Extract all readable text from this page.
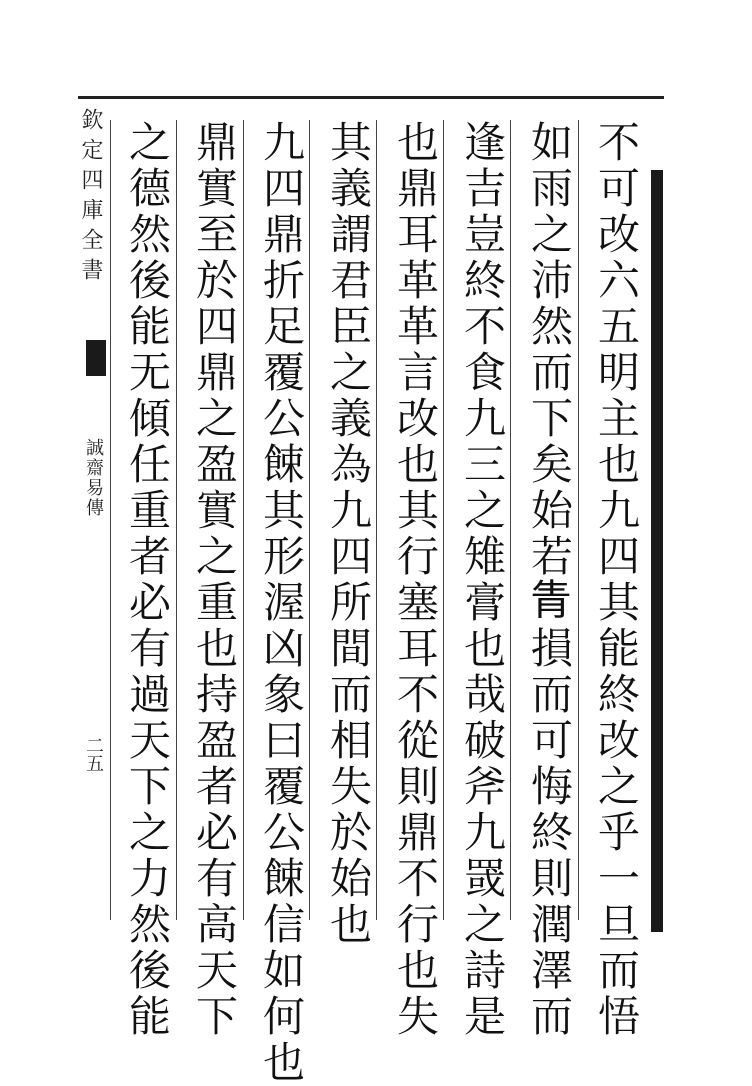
欽定四庫全書
誠齋易傳
二五	不可改六五明主也九四其能終改之乎一旦而悟
如雨之沛然而下矣始若𤯝損而可悔終則潤澤而
逢吉豈終不食九三之雉膏也哉破斧九罭之詩是
也鼎耳革革言改也其行塞耳不從則鼎不行也失
其義謂君臣之義為九四所間而相失於始也
九四鼎折足覆公餗其形渥凶象曰覆公餗信如何也
鼎實至於四鼎之盈實之重也持盈者必有高天下
之德然後能无傾任重者必有過天下之力然後能
